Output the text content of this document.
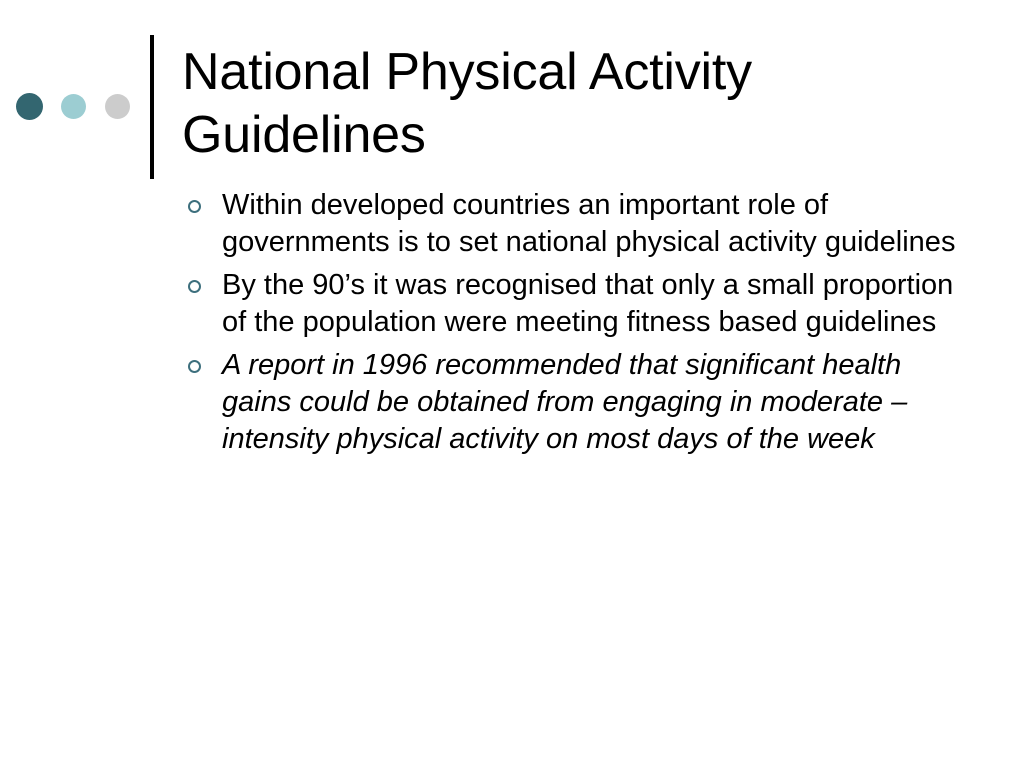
National Physical Activity Guidelines
Within developed countries an important role of governments is to set national physical activity guidelines
By the 90’s it was recognised that only a small proportion of the population were meeting fitness based guidelines
A report in 1996 recommended that significant health gains could be obtained from engaging in moderate – intensity physical activity on most days of the week
